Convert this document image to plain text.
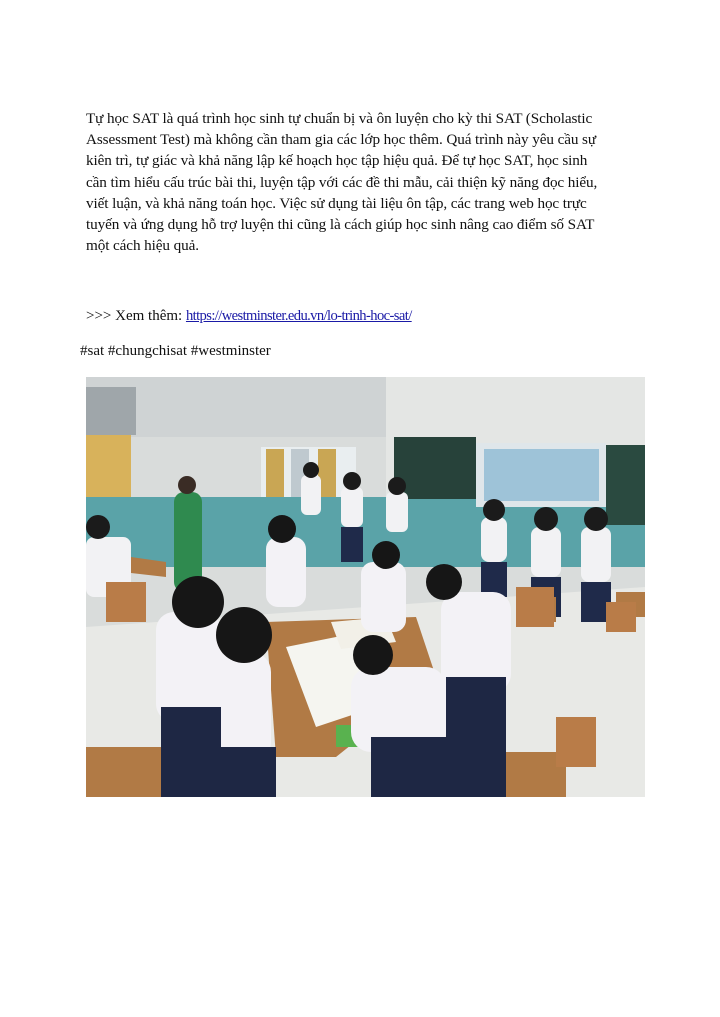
Tự học SAT là quá trình học sinh tự chuẩn bị và ôn luyện cho kỳ thi SAT (Scholastic
Assessment Test) mà không cần tham gia các lớp học thêm. Quá trình này yêu cầu sự
kiên trì, tự giác và khả năng lập kế hoạch học tập hiệu quả. Để tự học SAT, học sinh
cần tìm hiểu cấu trúc bài thi, luyện tập với các đề thi mẫu, cải thiện kỹ năng đọc hiểu,
viết luận, và khả năng toán học. Việc sử dụng tài liệu ôn tập, các trang web học trực
tuyến và ứng dụng hỗ trợ luyện thi cũng là cách giúp học sinh nâng cao điểm số SAT
một cách hiệu quả.
>>> Xem thêm: https://westminster.edu.vn/lo-trinh-hoc-sat/
#sat #chungchisat #westminster
